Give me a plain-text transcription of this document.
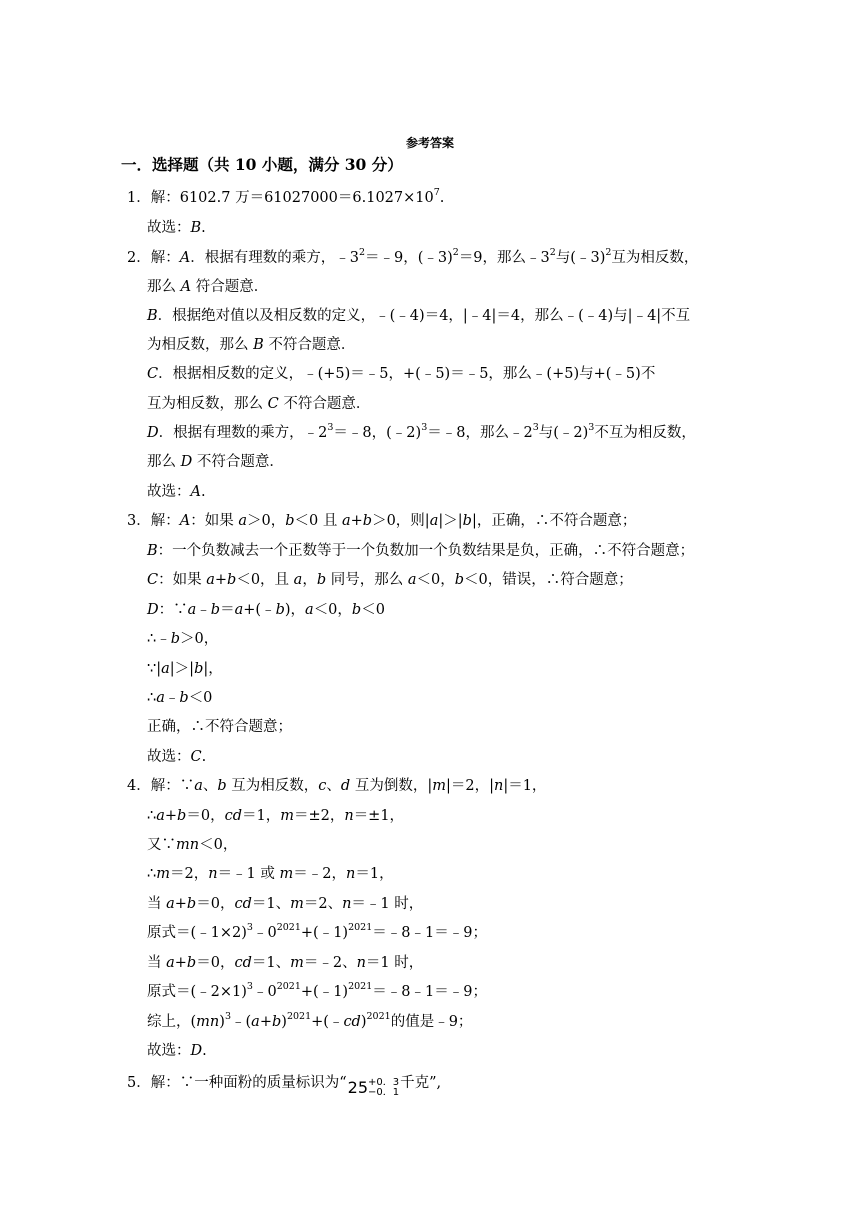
参考答案
一．选择题（共 10 小题，满分 30 分）
1．解：6102.7 万$=61027000=6.1027\times 10^7$.
故选：B.
2．解：A．根据有理数的乘方，$﹣3^2=﹣9$，(﹣3)$^2$＝9，那么$﹣3^2$与(﹣3)$^2$互为相反数，
那么 A 符合题意．
B．根据绝对值以及相反数的定义，﹣(﹣4)＝4，|﹣4|＝4，那么﹣(﹣4)与|﹣4|不互
为相反数，那么 B 不符合题意．
C．根据相反数的定义，﹣(+5)＝﹣5，+(﹣5)＝﹣5，那么﹣(+5)与+(﹣5)不
互为相反数，那么 C 不符合题意．
D．根据有理数的乘方，$﹣2^3=﹣8$，(﹣2)$^3$＝﹣8，那么$﹣2^3$与(﹣2)$^3$不互为相反数，
那么 D 不符合题意．
故选：A.
3．解：A：如果 a＞0，b＜0 且 a+b＞0，则|a|＞|b|，正确，∴不符合题意；
B：一个负数减去一个正数等于一个负数加一个负数结果是负，正确，∴不符合题意；
C：如果 a+b＜0，且 a，b 同号，那么 a＜0，b＜0，错误，∴符合题意；
D：∵a﹣b＝a+(﹣b)，a＜0，b＜0
∴﹣b＞0，
∵|a|＞|b|，
∴a﹣b＜0
正确，∴不符合题意；
故选：C.
4．解：∵a、b 互为相反数，c、d 互为倒数，|m|＝2，|n|＝1，
∴a+b＝0，cd＝1，m＝±2，n＝±1，
又∵mn＜0，
∴m＝2，n＝﹣1 或 m＝﹣2，n＝1，
当 a+b＝0，cd＝1、m＝2、n＝﹣1 时，
原式$=(﹣1\times 2)^3﹣0^{2021}+(﹣1)^{2021}=﹣8﹣1=﹣9$；
当 a+b＝0，cd＝1、m＝﹣2、n＝1 时，
原式$=(﹣2\times 1)^3﹣0^{2021}+(﹣1)^{2021}=﹣8﹣1=﹣9$；
综上，$(mn)^3﹣(a+b)^{2021}+(﹣cd)^{2021}$的值是﹣9；
故选：D.
5．解：∵一种面粉的质量标识为“25+0．3
−0．1千克”,
